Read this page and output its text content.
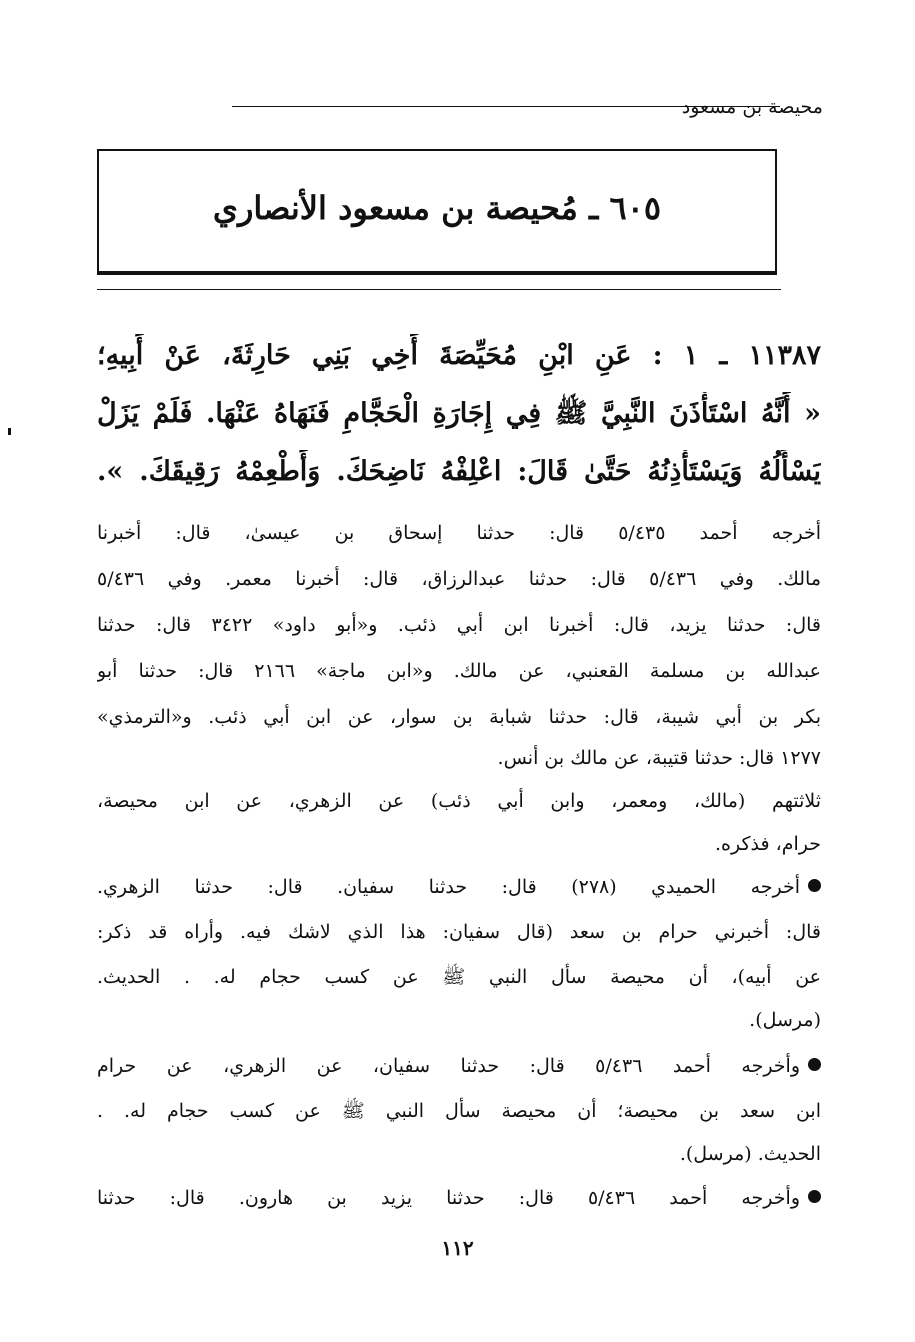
محيصة بن مسعود
٦٠٥ ـ مُحيصة بن مسعود الأنصاري
١١٣٨٧ ـ ١ : عَنِ ابْنِ مُحَيِّصَةَ أَخِي بَنِي حَارِثَةَ، عَنْ أَبِيهِ؛
« أَنَّهُ اسْتَأْذَنَ النَّبِيَّ ﷺ فِي إِجَارَةِ الْحَجَّامِ فَنَهَاهُ عَنْهَا. فَلَمْ يَزَلْ
يَسْأَلُهُ وَيَسْتَأْذِنُهُ حَتَّىٰ قَالَ: اعْلِفْهُ نَاضِحَكَ. وَأَطْعِمْهُ رَقِيقَكَ. ».
أخرجه أحمد ٥/٤٣٥ قال: حدثنا إسحاق بن عيسىٰ، قال: أخبرنا
مالك. وفي ٥/٤٣٦ قال: حدثنا عبدالرزاق، قال: أخبرنا معمر. وفي ٥/٤٣٦
قال: حدثنا يزيد، قال: أخبرنا ابن أبي ذئب. و«أبو داود» ٣٤٢٢ قال: حدثنا
عبدالله بن مسلمة القعنبي، عن مالك. و«ابن ماجة» ٢١٦٦ قال: حدثنا أبو
بكر بن أبي شيبة، قال: حدثنا شبابة بن سوار، عن ابن أبي ذئب. و«الترمذي»
١٢٧٧ قال: حدثنا قتيبة، عن مالك بن أنس.
ثلاثتهم (مالك، ومعمر، وابن أبي ذئب) عن الزهري، عن ابن محيصة،
حرام، فذكره.
أخرجه الحميدي (٢٧٨) قال: حدثنا سفيان. قال: حدثنا الزهري.
قال: أخبرني حرام بن سعد (قال سفيان: هذا الذي لاشك فيه. وأراه قد ذكر:
عن أبيه)، أن محيصة سأل النبي ﷺ عن كسب حجام له. . الحديث.
(مرسل).
وأخرجه أحمد ٥/٤٣٦ قال: حدثنا سفيان، عن الزهري، عن حرام
ابن سعد بن محيصة؛ أن محيصة سأل النبي ﷺ عن كسب حجام له. .
الحديث. (مرسل).
وأخرجه أحمد ٥/٤٣٦ قال: حدثنا يزيد بن هارون. قال: حدثنا
١١٢
